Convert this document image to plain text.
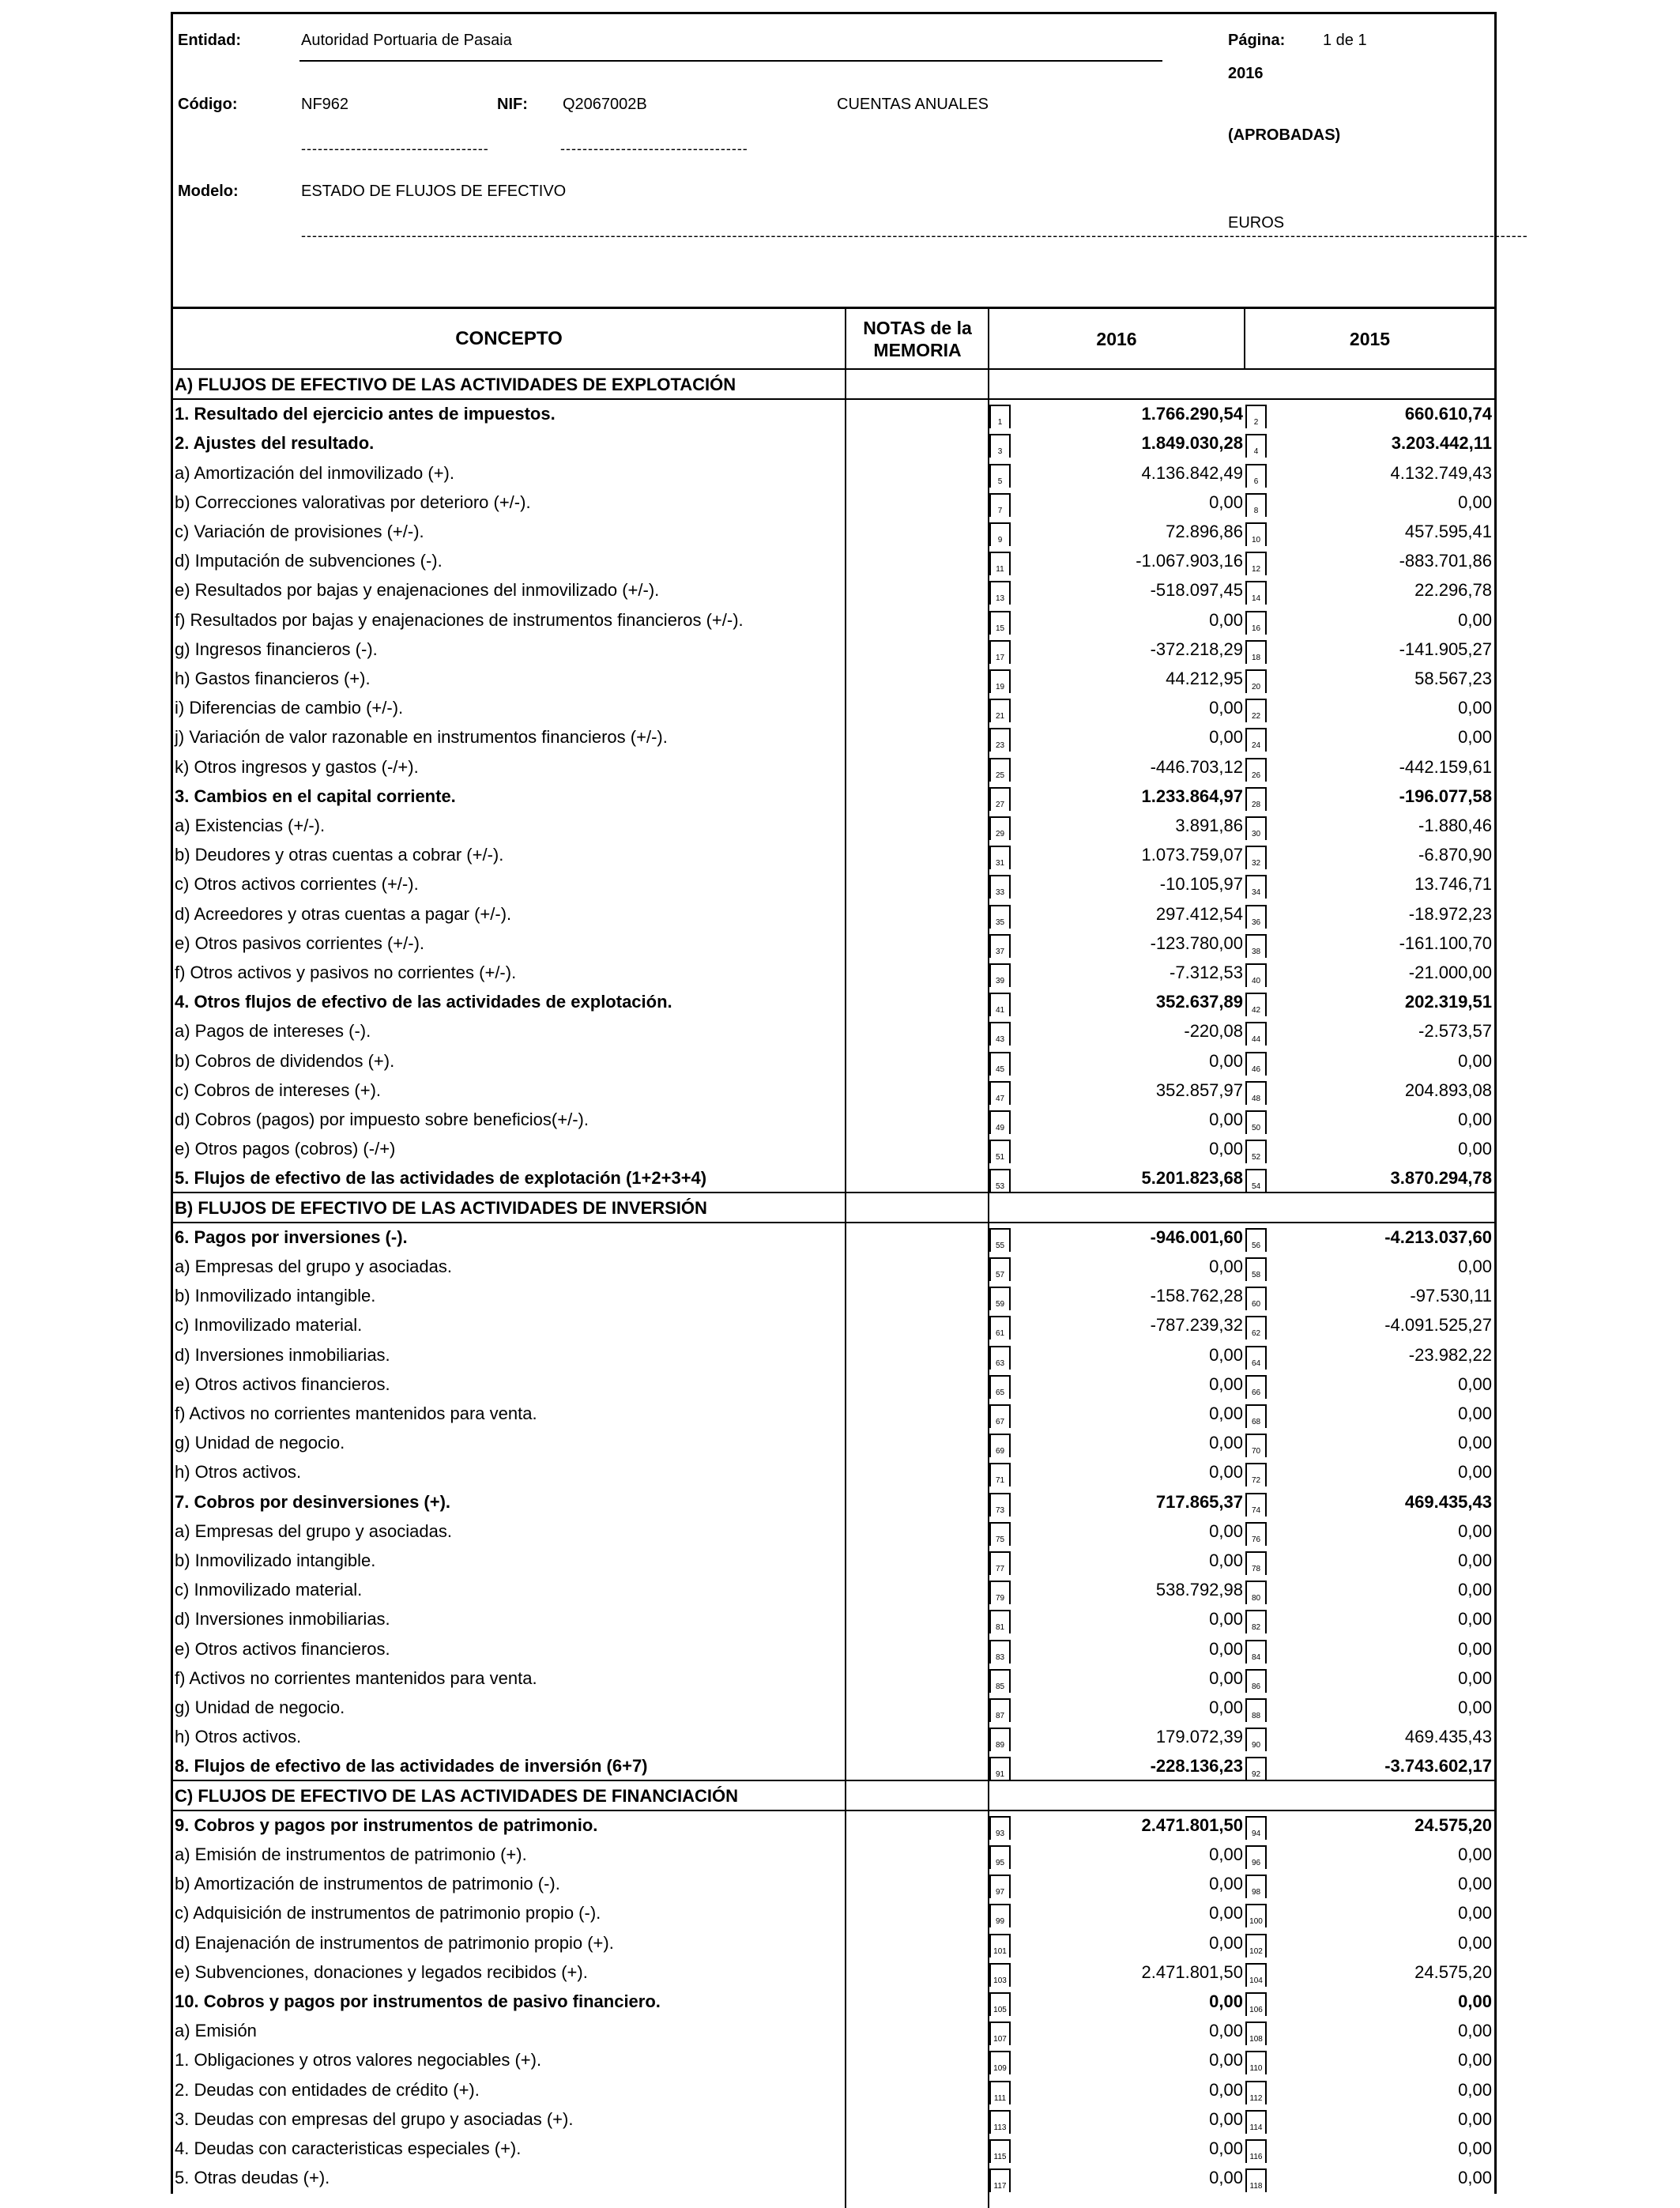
Entidad:	Autoridad Portuaria de Pasaia	Página: 1 de 1
2016
Código:	NF962	NIF: Q2067002B	CUENTAS ANUALES
(APROBADAS)
----------------------------------	----------------------------------
Modelo:	ESTADO DE FLUJOS DE EFECTIVO
EUROS
------------------------------------------------------------------------------------------------------------------------------------------------------------------------------------------------------------------------------
CONCEPTO	NOTAS de la MEMORIA
2016	2015
A) FLUJOS DE EFECTIVO DE LAS ACTIVIDADES DE EXPLOTACIÓN
1. Resultado del ejercicio antes de impuestos.	1	1.766.290,54	2	660.610,74
2. Ajustes del resultado.	3	1.849.030,28	4	3.203.442,11
a) Amortización del inmovilizado (+).	5	4.136.842,49	6	4.132.749,43
b) Correcciones valorativas por deterioro (+/-).	7	0,00	8	0,00
c) Variación de provisiones (+/-).	9	72.896,86	10	457.595,41
d) Imputación de subvenciones (-).	11	-1.067.903,16	12	-883.701,86
e) Resultados por bajas y enajenaciones del inmovilizado (+/-).	13	-518.097,45	14	22.296,78
f) Resultados por bajas y enajenaciones de instrumentos financieros (+/-).	15	0,00	16	0,00
g) Ingresos financieros (-).	17	-372.218,29	18	-141.905,27
h) Gastos financieros (+).	19	44.212,95	20	58.567,23
i) Diferencias de cambio (+/-).	21	0,00	22	0,00
j) Variación de valor razonable en instrumentos financieros (+/-).	23	0,00	24	0,00
k) Otros ingresos y gastos (-/+).	25	-446.703,12	26	-442.159,61
3. Cambios en el capital corriente.	27	1.233.864,97	28	-196.077,58
a) Existencias (+/-).	29	3.891,86	30	-1.880,46
b) Deudores y otras cuentas a cobrar (+/-).	31	1.073.759,07	32	-6.870,90
c) Otros activos corrientes (+/-).	33	-10.105,97	34	13.746,71
d) Acreedores y otras cuentas a pagar (+/-).	35	297.412,54	36	-18.972,23
e) Otros pasivos corrientes (+/-).	37	-123.780,00	38	-161.100,70
f) Otros activos y pasivos no corrientes (+/-).	39	-7.312,53	40	-21.000,00
4. Otros flujos de efectivo de las actividades de explotación.	41	352.637,89	42	202.319,51
a) Pagos de intereses (-).	43	-220,08	44	-2.573,57
b) Cobros de dividendos (+).	45	0,00	46	0,00
c) Cobros de intereses (+).	47	352.857,97	48	204.893,08
d) Cobros (pagos) por impuesto sobre beneficios(+/-).	49	0,00	50	0,00
e) Otros pagos (cobros) (-/+)	51	0,00	52	0,00
5. Flujos de efectivo de las actividades de explotación (1+2+3+4)	53	5.201.823,68	54	3.870.294,78
B) FLUJOS DE EFECTIVO DE LAS ACTIVIDADES DE INVERSIÓN
6. Pagos por inversiones (-).	55	-946.001,60	56	-4.213.037,60
a) Empresas del grupo y asociadas.	57	0,00	58	0,00
b) Inmovilizado intangible.	59	-158.762,28	60	-97.530,11
c) Inmovilizado material.	61	-787.239,32	62	-4.091.525,27
d) Inversiones inmobiliarias.	63	0,00	64	-23.982,22
e) Otros activos financieros.	65	0,00	66	0,00
f) Activos no corrientes mantenidos para venta.	67	0,00	68	0,00
g) Unidad de negocio.	69	0,00	70	0,00
h) Otros activos.	71	0,00	72	0,00
7. Cobros por desinversiones (+).	73	717.865,37	74	469.435,43
a) Empresas del grupo y asociadas.	75	0,00	76	0,00
b) Inmovilizado intangible.	77	0,00	78	0,00
c) Inmovilizado material.	79	538.792,98	80	0,00
d) Inversiones inmobiliarias.	81	0,00	82	0,00
e) Otros activos financieros.	83	0,00	84	0,00
f) Activos no corrientes mantenidos para venta.	85	0,00	86	0,00
g) Unidad de negocio.	87	0,00	88	0,00
h) Otros activos.	89	179.072,39	90	469.435,43
8. Flujos de efectivo de las actividades de inversión (6+7)	91	-228.136,23	92	-3.743.602,17
C) FLUJOS DE EFECTIVO DE LAS ACTIVIDADES DE FINANCIACIÓN
9. Cobros y pagos por instrumentos de patrimonio.	93	2.471.801,50	94	24.575,20
a) Emisión de instrumentos de patrimonio (+).	95	0,00	96	0,00
b) Amortización de instrumentos de patrimonio (-).	97	0,00	98	0,00
c) Adquisición de instrumentos de patrimonio propio (-).	99	0,00 100	0,00
d) Enajenación de instrumentos de patrimonio propio (+).	101	0,00 102	0,00
e) Subvenciones, donaciones y legados recibidos (+).	103	2.471.801,50 104	24.575,20
10. Cobros y pagos por instrumentos de pasivo financiero.	105	0,00 106	0,00
a) Emisión	107	0,00 108	0,00
1. Obligaciones y otros valores negociables (+).	109	0,00 110	0,00
2. Deudas con entidades de crédito (+).	111	0,00 112	0,00
3. Deudas con empresas del grupo y asociadas (+).	113	0,00 114	0,00
4. Deudas con caracteristicas especiales (+).	115	0,00 116	0,00
5. Otras deudas (+).	117	0,00 118	0,00
